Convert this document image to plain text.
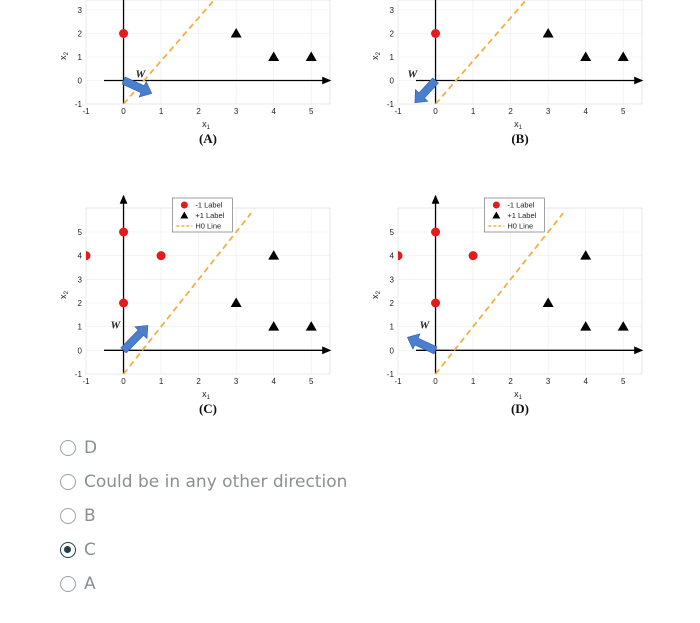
-1	0	1	2	3	4	5
-1
0
1
2
3
$x_1$
$x_2$
(A)
W
-1	0	1	2	3	4	5
-1
0
1
2
3
$x_1$
$x_2$
(B)
W
-1	0	1	2	3	4	5
-1
0
1
2
3
4
5
$x_1$
$x_2$
(C)
W
-1 Label
+1 Label
H0 Line
-1	0	1	2	3	4	5
-1
0
1
2
3
4
5
$x_1$
$x_2$
(D)
W
-1 Label
+1 Label
H0 Line
D
Could be in any other direction
B
C
A
